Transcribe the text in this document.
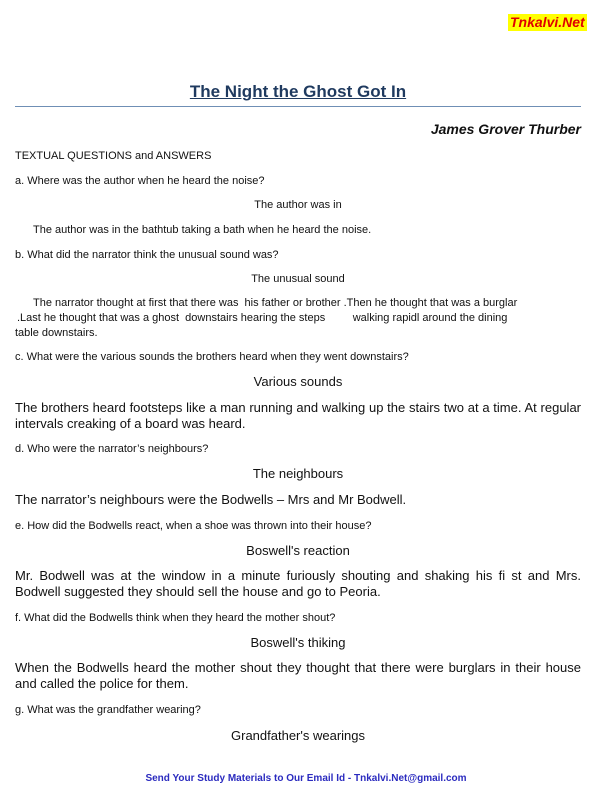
Tnkalvi.Net
The Night the Ghost Got In
James Grover Thurber
TEXTUAL QUESTIONS and ANSWERS
a. Where was the author when he heard the noise?
The author was in
The author was in the bathtub taking a bath when he heard the noise.
b. What did the narrator think the unusual sound was?
The unusual sound
The narrator thought at first that there was  his father or brother .Then he thought that was a burglar
.Last he thought that was a ghost  downstairs hearing the steps         walking rapidl around the dining
table downstairs.
c. What were the various sounds the brothers heard when they went downstairs?
Various sounds
The brothers heard footsteps like a man running and walking up the stairs two at a time. At regular intervals creaking of a board was heard.
d. Who were the narrator’s neighbours?
The neighbours
The narrator’s neighbours were the Bodwells – Mrs and Mr Bodwell.
e. How did the Bodwells react, when a shoe was thrown into their house?
Boswell's reaction
Mr. Bodwell was at the window in a minute furiously shouting and shaking his fi st and Mrs. Bodwell suggested they should sell the house and go to Peoria.
f. What did the Bodwells think when they heard the mother shout?
Boswell's thiking
When the Bodwells heard the mother shout they thought that there were burglars in their house and called the police for them.
g. What was the grandfather wearing?
Grandfather's wearings
Send Your Study Materials to Our Email Id - Tnkalvi.Net@gmail.com
